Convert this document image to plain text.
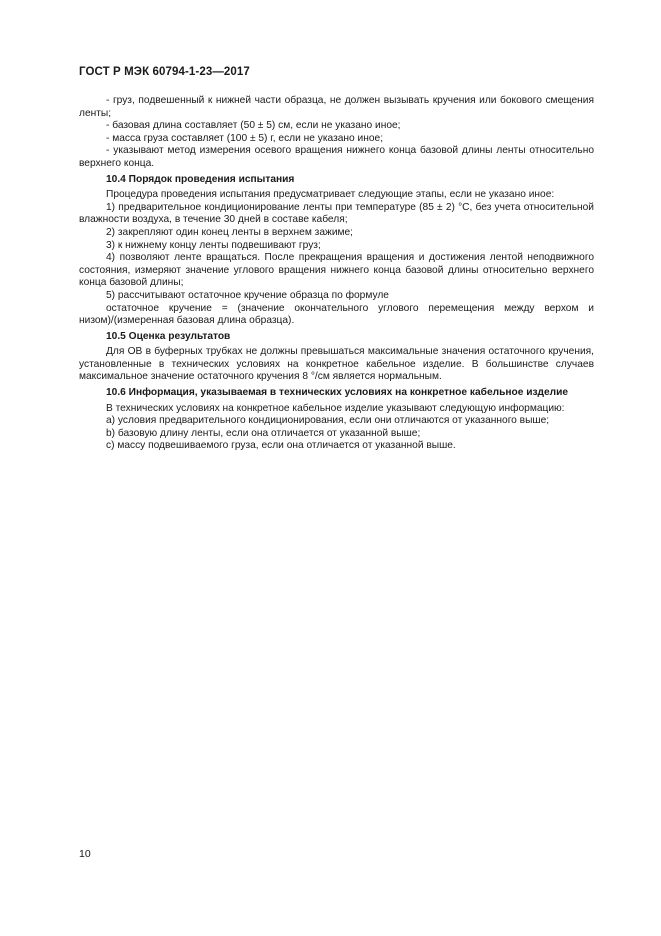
ГОСТ Р МЭК 60794-1-23—2017

- груз, подвешенный к нижней части образца, не должен вызывать кручения или бокового смещения ленты;

- базовая длина составляет (50 ± 5) см, если не указано иное;

- масса груза составляет (100 ± 5) г, если не указано иное;

- указывают метод измерения осевого вращения нижнего конца базовой длины ленты относительно верхнего конца.

10.4 Порядок проведения испытания

Процедура проведения испытания предусматривает следующие этапы, если не указано иное:

1) предварительное кондиционирование ленты при температуре (85 ± 2) °C, без учета относительной влажности воздуха, в течение 30 дней в составе кабеля;

2) закрепляют один конец ленты в верхнем зажиме;

3) к нижнему концу ленты подвешивают груз;

4) позволяют ленте вращаться. После прекращения вращения и достижения лентой неподвижного состояния, измеряют значение углового вращения нижнего конца базовой длины относительно верхнего конца базовой длины;

5) рассчитывают остаточное кручение образца по формуле

остаточное кручение = (значение окончательного углового перемещения между верхом и низом)/(измеренная базовая длина образца).

10.5 Оценка результатов

Для ОВ в буферных трубках не должны превышаться максимальные значения остаточного кручения, установленные в технических условиях на конкретное кабельное изделие. В большинстве случаев максимальное значение остаточного кручения 8 °/см является нормальным.

10.6 Информация, указываемая в технических условиях на конкретное кабельное изделие

В технических условиях на конкретное кабельное изделие указывают следующую информацию:

a) условия предварительного кондиционирования, если они отличаются от указанного выше;

b) базовую длину ленты, если она отличается от указанной выше;

c) массу подвешиваемого груза, если она отличается от указанной выше.

10
